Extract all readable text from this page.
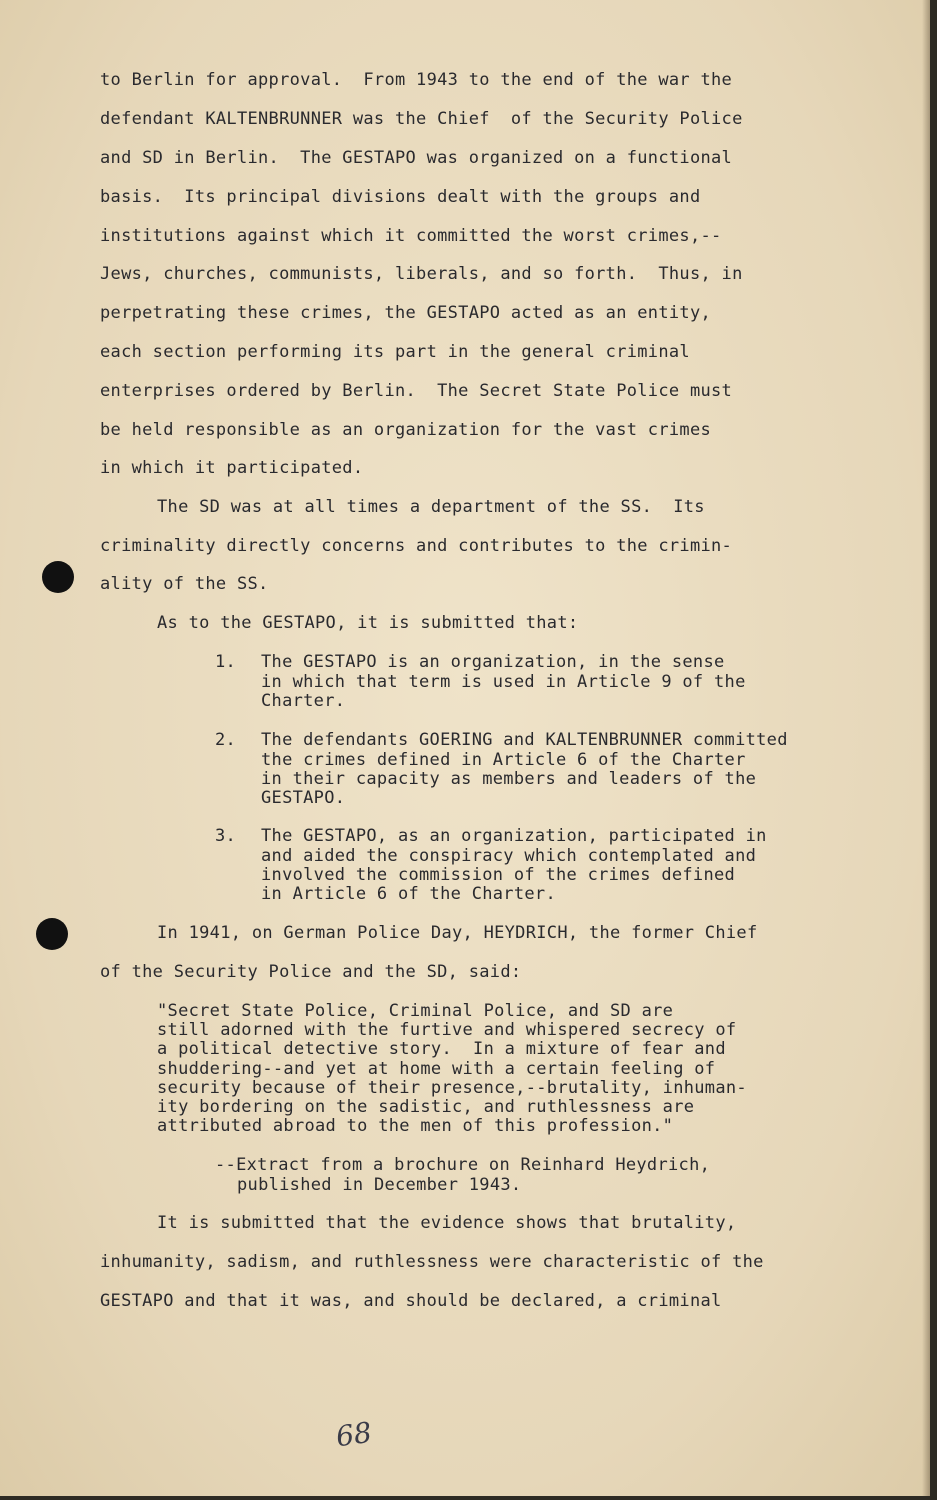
to Berlin for approval.  From 1943 to the end of the war the
defendant KALTENBRUNNER was the Chief  of the Security Police
and SD in Berlin.  The GESTAPO was organized on a functional
basis.  Its principal divisions dealt with the groups and
institutions against which it committed the worst crimes,--
Jews, churches, communists, liberals, and so forth.  Thus, in
perpetrating these crimes, the GESTAPO acted as an entity,
each section performing its part in the general criminal
enterprises ordered by Berlin.  The Secret State Police must
be held responsible as an organization for the vast crimes
in which it participated.
The SD was at all times a department of the SS.  Its
criminality directly concerns and contributes to the crimin-
ality of the SS.
As to the GESTAPO, it is submitted that:
1. The GESTAPO is an organization, in the sense
in which that term is used in Article 9 of the
Charter.
2. The defendants GOERING and KALTENBRUNNER committed
the crimes defined in Article 6 of the Charter
in their capacity as members and leaders of the
GESTAPO.
3. The GESTAPO, as an organization, participated in
and aided the conspiracy which contemplated and
involved the commission of the crimes defined
in Article 6 of the Charter.
In 1941, on German Police Day, HEYDRICH, the former Chief
of the Security Police and the SD, said:
"Secret State Police, Criminal Police, and SD are
still adorned with the furtive and whispered secrecy of
a political detective story.  In a mixture of fear and
shuddering--and yet at home with a certain feeling of
security because of their presence,--brutality, inhuman-
ity bordering on the sadistic, and ruthlessness are
attributed abroad to the men of this profession."
--Extract from a brochure on Reinhard Heydrich,
published in December 1943.
It is submitted that the evidence shows that brutality,
inhumanity, sadism, and ruthlessness were characteristic of the
GESTAPO and that it was, and should be declared, a criminal
68
